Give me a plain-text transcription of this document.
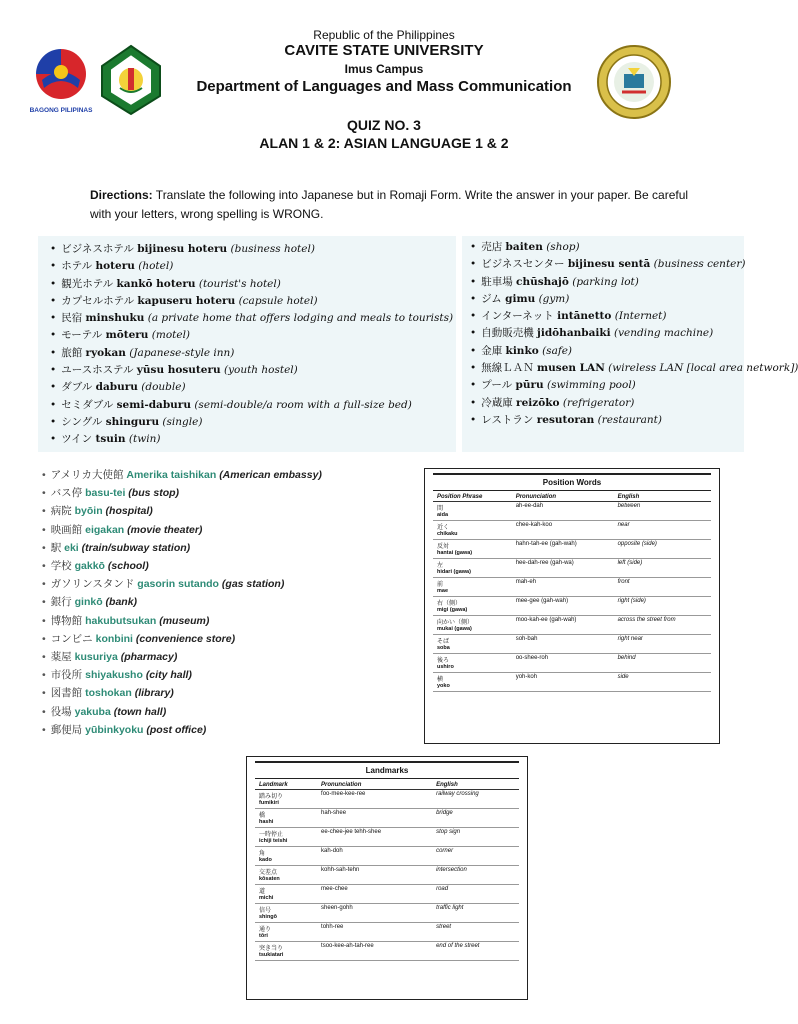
BAGONG PILIPINAS
Republic of the Philippines
CAVITE STATE UNIVERSITY
Imus Campus
Department of Languages and Mass Communication
QUIZ NO. 3
ALAN 1 & 2: ASIAN LANGUAGE 1 & 2
Directions: Translate the following into Japanese but in Romaji Form. Write the answer in your paper. Be careful with your letters, wrong spelling is WRONG.
• ビジネスホテル bijinesu hoteru (business hotel)
• ホテル hoteru (hotel)
• 観光ホテル kankō hoteru (tourist's hotel)
• カプセルホテル kapuseru hoteru (capsule hotel)
• 民宿 minshuku (a private home that offers lodging and meals to tourists)
• モーテル mōteru (motel)
• 旅館 ryokan (Japanese-style inn)
• ユースホステル yūsu hosuteru (youth hostel)
• ダブル daburu (double)
• セミダブル semi-daburu (semi-double/a room with a full-size bed)
• シングル shinguru (single)
• ツイン tsuin (twin)
• 売店 baiten (shop)
• ビジネスセンター bijinesu sentā (business center)
• 駐車場 chūshajō (parking lot)
• ジム gimu (gym)
• インターネット intānetto (Internet)
• 自動販売機 jidōhanbaiki (vending machine)
• 金庫 kinko (safe)
• 無線ＬＡＮ musen LAN (wireless LAN [local area network])
• プール pūru (swimming pool)
• 冷蔵庫 reizōko (refrigerator)
• レストラン resutoran (restaurant)
• アメリカ大使館 Amerika taishikan (American embassy)
• バス停 basu-tei (bus stop)
• 病院 byōin (hospital)
• 映画館 eigakan (movie theater)
• 駅 eki (train/subway station)
• 学校 gakkō (school)
• ガソリンスタンド gasorin sutando (gas station)
• 銀行 ginkō (bank)
• 博物館 hakubutsukan (museum)
• コンビニ konbini (convenience store)
• 薬屋 kusuriya (pharmacy)
• 市役所 shiyakusho (city hall)
• 図書館 toshokan (library)
• 役場 yakuba (town hall)
• 郵便局 yūbinkyoku (post office)
Position Words
Position Phrase	Pronunciation	English
間
aida	ah-ee-dah	between
近く
chikaku	chee-kah-koo	near
反対
hantai (gawa)	hahn-tah-ee (gah-wah)	opposite (side)
左
hidari (gawa)	hee-dah-ree (gah-wa)	left (side)
前
mae	mah-eh	front
右（側）
migi (gawa)	mee-gee (gah-wah)	right (side)
向かい（側）
mukai (gawa)	moo-kah-ee (gah-wah)	across the street from
そば
soba	soh-bah	right near
後ろ
ushiro	oo-shee-roh	behind
横
yoko	yoh-koh	side
Landmarks
Landmark	Pronunciation	English
踏み切り
fumikiri	foo-mee-kee-ree	railway crossing
橋
hashi	hah-shee	bridge
一時停止
ichiji teishi	ee-chee-jee tehh-shee	stop sign
角
kado	kah-doh	corner
交差点
kōsaten	kohh-sah-tehn	intersection
道
michi	mee-chee	road
信号
shingō	sheen-gohh	traffic light
通り
tōri	tohh-ree	street
突き当り
tsukiatari	tsoo-kee-ah-tah-ree	end of the street
